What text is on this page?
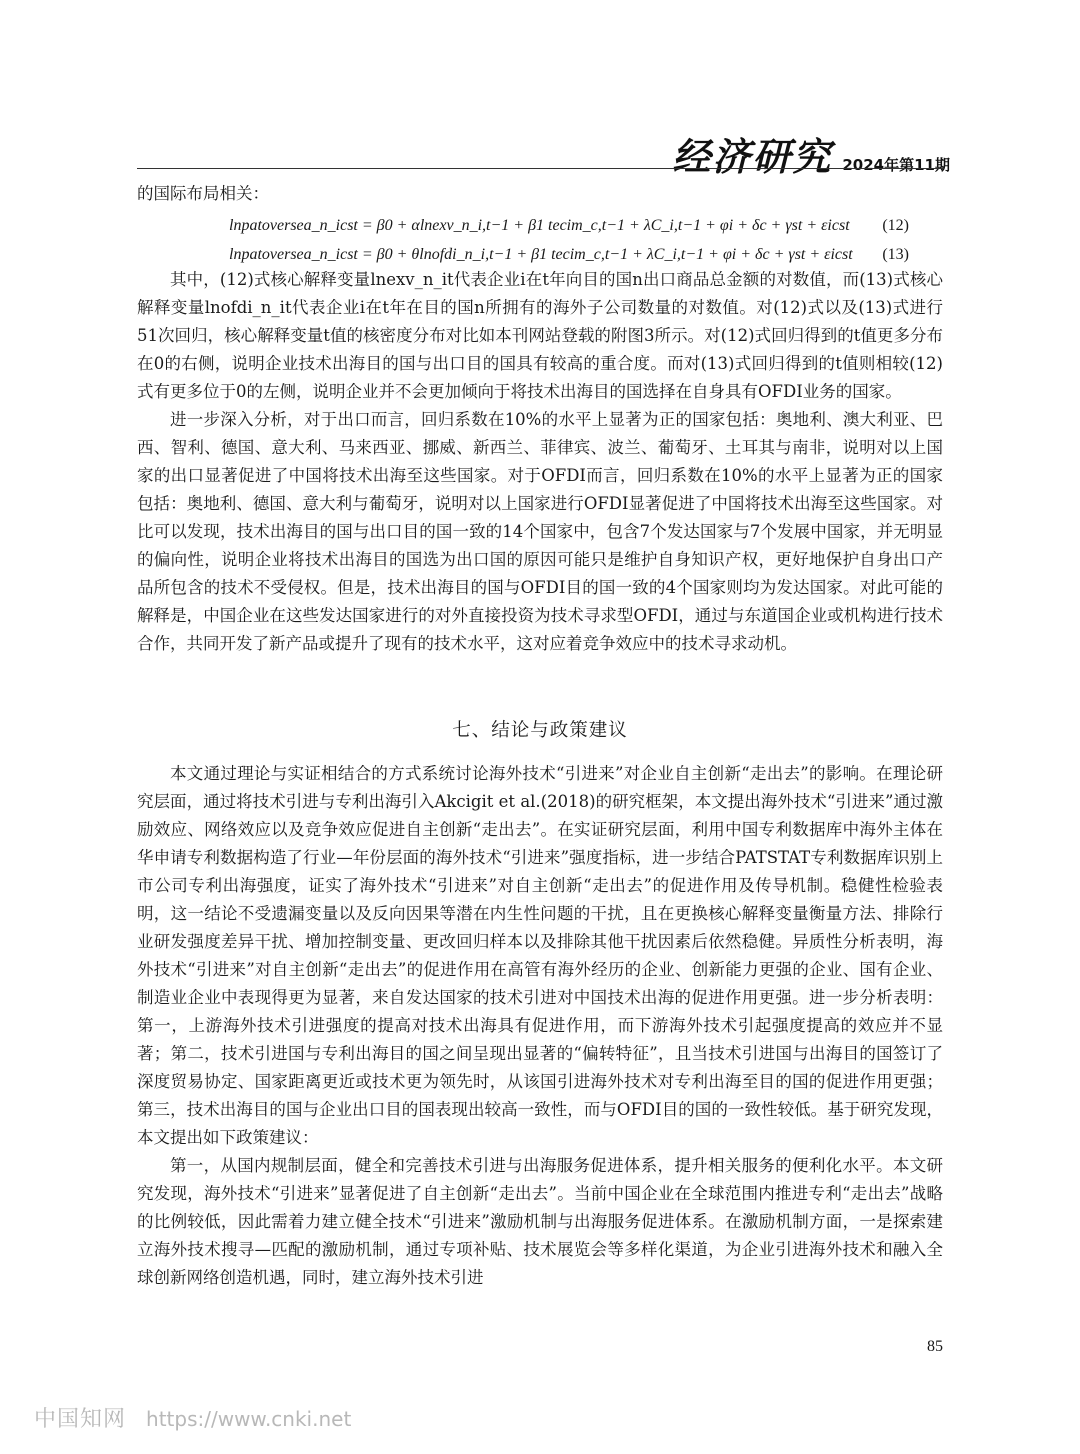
经济研究 2024年第11期

的国际布局相关：

lnpatoversea_n_icst = β0 + αlnexv_n_i,t−1 + β1 tecim_c,t−1 + λC_i,t−1 + φi + δc + γst + εicst (12)
lnpatoversea_n_icst = β0 + θlnofdi_n_i,t−1 + β1 tecim_c,t−1 + λC_i,t−1 + φi + δc + γst + εicst (13)

其中，(12)式核心解释变量lnexv_n_it代表企业i在t年向目的国n出口商品总金额的对数值，而(13)式核心解释变量lnofdi_n_it代表企业i在t年在目的国n所拥有的海外子公司数量的对数值。对(12)式以及(13)式进行51次回归，核心解释变量t值的核密度分布对比如本刊网站登载的附图3所示。对(12)式回归得到的t值更多分布在0的右侧，说明企业技术出海目的国与出口目的国具有较高的重合度。而对(13)式回归得到的t值则相较(12)式有更多位于0的左侧，说明企业并不会更加倾向于将技术出海目的国选择在自身具有OFDI业务的国家。

进一步深入分析，对于出口而言，回归系数在10%的水平上显著为正的国家包括：奥地利、澳大利亚、巴西、智利、德国、意大利、马来西亚、挪威、新西兰、菲律宾、波兰、葡萄牙、土耳其与南非，说明对以上国家的出口显著促进了中国将技术出海至这些国家。对于OFDI而言，回归系数在10%的水平上显著为正的国家包括：奥地利、德国、意大利与葡萄牙，说明对以上国家进行OFDI显著促进了中国将技术出海至这些国家。对比可以发现，技术出海目的国与出口目的国一致的14个国家中，包含7个发达国家与7个发展中国家，并无明显的偏向性，说明企业将技术出海目的国选为出口国的原因可能只是维护自身知识产权，更好地保护自身出口产品所包含的技术不受侵权。但是，技术出海目的国与OFDI目的国一致的4个国家则均为发达国家。对此可能的解释是，中国企业在这些发达国家进行的对外直接投资为技术寻求型OFDI，通过与东道国企业或机构进行技术合作，共同开发了新产品或提升了现有的技术水平，这对应着竞争效应中的技术寻求动机。

七、结论与政策建议

本文通过理论与实证相结合的方式系统讨论海外技术“引进来”对企业自主创新“走出去”的影响。在理论研究层面，通过将技术引进与专利出海引入Akcigit et al.(2018)的研究框架，本文提出海外技术“引进来”通过激励效应、网络效应以及竞争效应促进自主创新“走出去”。在实证研究层面，利用中国专利数据库中海外主体在华申请专利数据构造了行业—年份层面的海外技术“引进来”强度指标，进一步结合PATSTAT专利数据库识别上市公司专利出海强度，证实了海外技术“引进来”对自主创新“走出去”的促进作用及传导机制。稳健性检验表明，这一结论不受遗漏变量以及反向因果等潜在内生性问题的干扰，且在更换核心解释变量衡量方法、排除行业研发强度差异干扰、增加控制变量、更改回归样本以及排除其他干扰因素后依然稳健。异质性分析表明，海外技术“引进来”对自主创新“走出去”的促进作用在高管有海外经历的企业、创新能力更强的企业、国有企业、制造业企业中表现得更为显著，来自发达国家的技术引进对中国技术出海的促进作用更强。进一步分析表明：第一，上游海外技术引进强度的提高对技术出海具有促进作用，而下游海外技术引起强度提高的效应并不显著；第二，技术引进国与专利出海目的国之间呈现出显著的“偏转特征”，且当技术引进国与出海目的国签订了深度贸易协定、国家距离更近或技术更为领先时，从该国引进海外技术对专利出海至目的国的促进作用更强；第三，技术出海目的国与企业出口目的国表现出较高一致性，而与OFDI目的国的一致性较低。基于研究发现，本文提出如下政策建议：

第一，从国内规制层面，健全和完善技术引进与出海服务促进体系，提升相关服务的便利化水平。本文研究发现，海外技术“引进来”显著促进了自主创新“走出去”。当前中国企业在全球范围内推进专利“走出去”战略的比例较低，因此需着力建立健全技术“引进来”激励机制与出海服务促进体系。在激励机制方面，一是探索建立海外技术搜寻—匹配的激励机制，通过专项补贴、技术展览会等多样化渠道，为企业引进海外技术和融入全球创新网络创造机遇，同时，建立海外技术引进

85
中国知网 https://www.cnki.net
